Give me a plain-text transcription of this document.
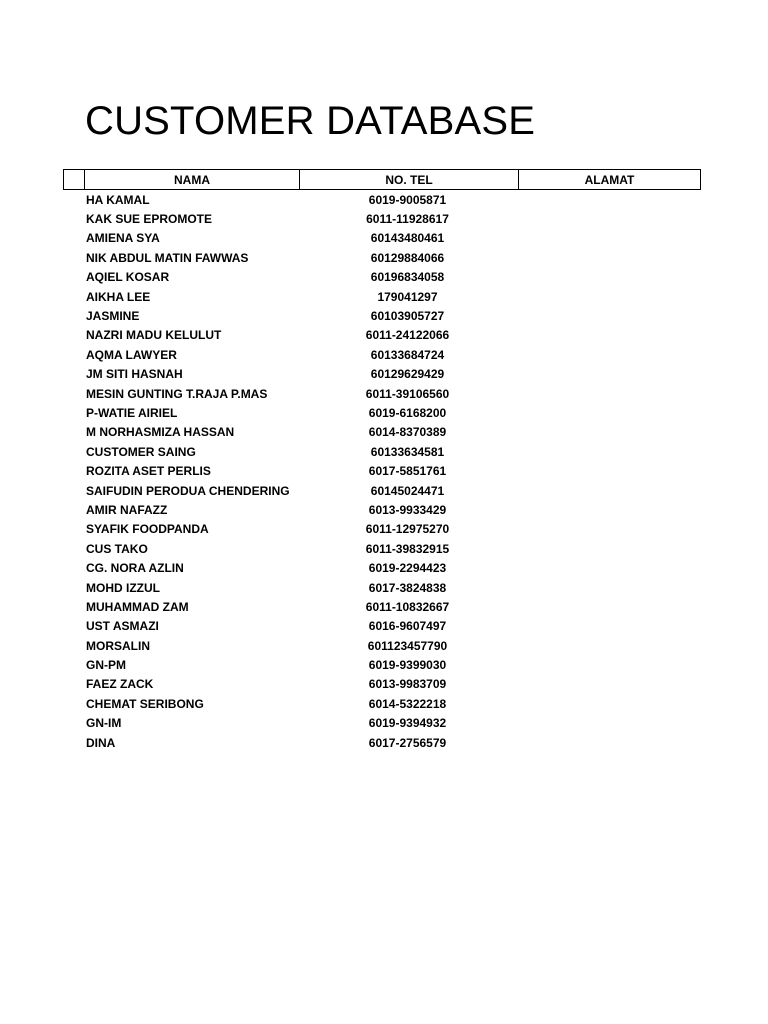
CUSTOMER DATABASE
NAMA	NO. TEL	ALAMAT
HA KAMAL	6019-9005871
KAK SUE EPROMOTE	6011-11928617
AMIENA SYA	60143480461
NIK ABDUL MATIN FAWWAS	60129884066
AQIEL KOSAR	60196834058
AIKHA LEE	179041297
JASMINE	60103905727
NAZRI MADU KELULUT	6011-24122066
AQMA LAWYER	60133684724
JM SITI HASNAH	60129629429
MESIN GUNTING T.RAJA P.MAS	6011-39106560
P-WATIE AIRIEL	6019-6168200
M NORHASMIZA HASSAN	6014-8370389
CUSTOMER SAING	60133634581
ROZITA ASET PERLIS	6017-5851761
SAIFUDIN PERODUA CHENDERING	60145024471
AMIR NAFAZZ	6013-9933429
SYAFIK FOODPANDA	6011-12975270
CUS TAKO	6011-39832915
CG. NORA AZLIN	6019-2294423
MOHD IZZUL	6017-3824838
MUHAMMAD ZAM	6011-10832667
UST ASMAZI	6016-9607497
MORSALIN	601123457790
GN-PM	6019-9399030
FAEZ ZACK	6013-9983709
CHEMAT SERIBONG	6014-5322218
GN-IM	6019-9394932
DINA	6017-2756579
